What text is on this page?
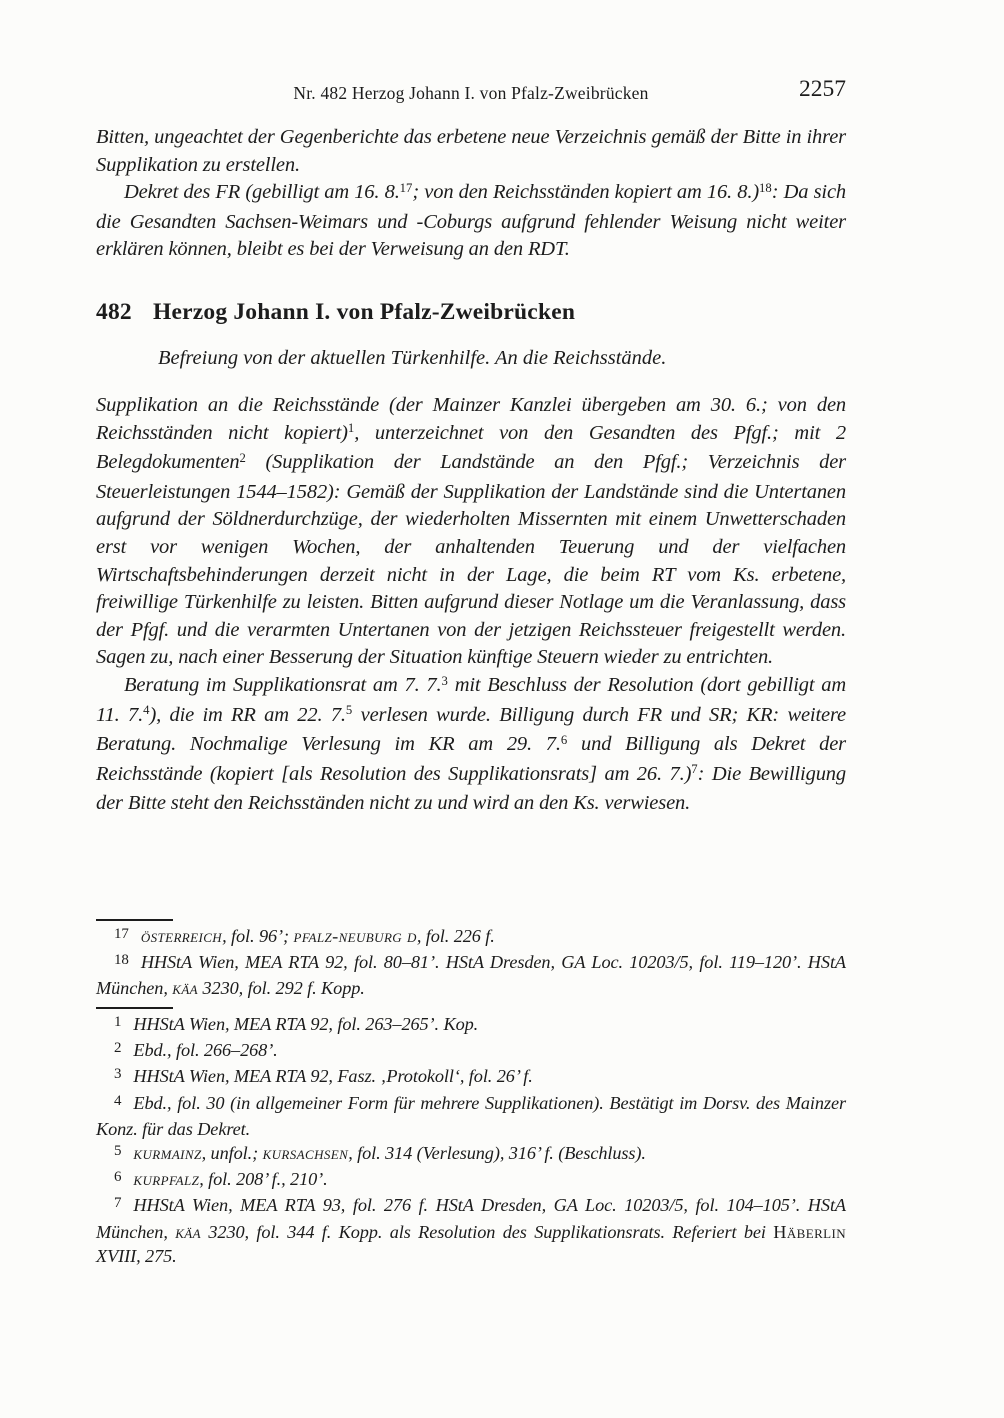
Nr. 482 Herzog Johann I. von Pfalz-Zweibrücken	2257

Bitten, ungeachtet der Gegenberichte das erbetene neue Verzeichnis gemäß der Bitte in ihrer Supplikation zu erstellen.

Dekret des FR (gebilligt am 16. 8.17; von den Reichsständen kopiert am 16. 8.)$^{18}$: Da sich die Gesandten Sachsen-Weimars und -Coburgs aufgrund fehlender Weisung nicht weiter erklären können, bleibt es bei der Verweisung an den RDT.

482 Herzog Johann I. von Pfalz-Zweibrücken
Befreiung von der aktuellen Türkenhilfe. An die Reichsstände.

Supplikation an die Reichsstände (der Mainzer Kanzlei übergeben am 30. 6.; von den Reichsständen nicht kopiert)$^1$, unterzeichnet von den Gesandten des Pfgf.; mit 2 Belegdokumenten$^2$ (Supplikation der Landstände an den Pfgf.; Verzeichnis der Steuerleistungen 1544–1582): Gemäß der Supplikation der Landstände sind die Untertanen aufgrund der Söldnerdurchzüge, der wiederholten Missernten mit einem Unwetterschaden erst vor wenigen Wochen, der anhaltenden Teuerung und der vielfachen Wirtschaftsbehinderungen derzeit nicht in der Lage, die beim RT vom Ks. erbetene, freiwillige Türkenhilfe zu leisten. Bitten aufgrund dieser Notlage um die Veranlassung, dass der Pfgf. und die verarmten Untertanen von der jetzigen Reichssteuer freigestellt werden. Sagen zu, nach einer Besserung der Situation künftige Steuern wieder zu entrichten.

Beratung im Supplikationsrat am 7. 7.$^3$ mit Beschluss der Resolution (dort gebilligt am 11. 7.$^4$), die im RR am 22. 7.$^5$ verlesen wurde. Billigung durch FR und SR; KR: weitere Beratung. Nochmalige Verlesung im KR am 29. 7.$^6$ und Billigung als Dekret der Reichsstände (kopiert [als Resolution des Supplikationsrats] am 26. 7.)$^7$: Die Bewilligung der Bitte steht den Reichsständen nicht zu und wird an den Ks. verwiesen.

$^{17}$ österreich, fol. 96’; pfalz-neuburg d, fol. 226 f.

$^{18}$ HHStA Wien, MEA RTA 92, fol. 80–81’. HStA Dresden, GA Loc. 10203/5, fol. 119–120’. HStA München, käa 3230, fol. 292 f. Kopp.

$^1$ HHStA Wien, MEA RTA 92, fol. 263–265’. Kop.

$^2$ Ebd., fol. 266–268’.

$^3$ HHStA Wien, MEA RTA 92, Fasz. ‚Protokoll‘, fol. 26’ f.

$^4$ Ebd., fol. 30 (in allgemeiner Form für mehrere Supplikationen). Bestätigt im Dorsv. des Mainzer Konz. für das Dekret.

$^5$ kurmainz, unfol.; kursachsen, fol. 314 (Verlesung), 316’ f. (Beschluss).

$^6$ kurpfalz, fol. 208’ f., 210’.

$^7$ HHStA Wien, MEA RTA 93, fol. 276 f. HStA Dresden, GA Loc. 10203/5, fol. 104–105’. HStA München, käa 3230, fol. 344 f. Kopp. als Resolution des Supplikationsrats. Referiert bei Häberlin XVIII, 275.
